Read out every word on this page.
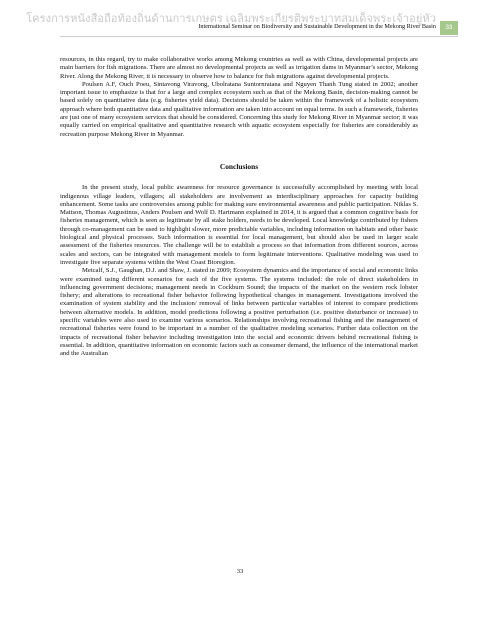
โครงการหนังสือถือท้องถิ่นด้านการเกษตร เฉลิมพระเกียรติพระบาทสมเด็จพระเจ้าอยู่หัว
International Seminar on Biodiversity and Sustainable Development in the Mekong River Basin	33

resources, in this regard, try to make collaborative works among Mekong countries as well as with China, developmental projects are main barriers for fish migrations. There are almost no developmental projects as well as irrigation dams in Myanmar’s sector, Mekong River. Along the Mekong River, it is necessary to observe how to balance for fish migrations against developmental projects.

Poulsen A.F, Ouch Poeu, Sintavong Viravong, Ubolratana Suntornratana and Nguyen Thanh Tung stated in 2002; another important issue to emphasize is that for a large and complex ecosystem such as that of the Mekong Basin, decision-making cannot be based solely on quantitative data (e.g. fisheries yield data). Decisions should be taken within the framework of a holistic ecosystem approach where both quantitative data and qualitative information are taken into account on equal terms. In such a framework, fisheries are just one of many ecosystem services that should be considered. Concerning this study for Mekong River in Myanmar sector; it was equally carried on empirical qualitative and quantitative research with aquatic ecosystem especially for fisheries are considerably as recreation purpose Mekong River in Myanmar.

Conclusions

In the present study, local public awareness for resource governance is successfully accomplished by meeting with local indigenous village leaders, villagers; all stakeholders are involvement as interdisciplinary approaches for capacity building enhancement. Some tasks are controversies among public for making sure environmental awareness and public participation. Niklas S. Mattson, Thomas Augustinus, Anders Poulsen and Wolf D. Hartmann explained in 2014, it is argued that a common cognitive basis for fisheries management, which is seen as legitimate by all stake holders, needs to be developed. Local knowledge contributed by fishers through co-management can be used to highlight slower, more predictable variables, including information on habitats and other basic biological and physical processes. Such information is essential for local management, but should also be used in larger scale assessment of the fisheries resources. The challenge will be to establish a process so that information from different sources, across scales and sectors, can be integrated with management models to form legitimate interventions. Qualitative modeling was used to investigate five separate systems within the West Coast Bioregion.

Metcalf, S.J., Gaughan, D.J. and Shaw, J. stated in 2009; Ecosystem dynamics and the importance of social and economic links were examined using different scenarios for each of the five systems. The systems included: the role of direct stakeholders in influencing government decisions; management needs in Cockburn Sound; the impacts of the market on the western rock lobster fishery; and alterations to recreational fisher behavior following hypothetical changes in management. Investigations involved the examination of system stability and the inclusion/ removal of links between particular variables of interest to compare predictions between alternative models. In addition, model predictions following a positive perturbation (i.e. positive disturbance or increase) to specific variables were also used to examine various scenarios. Relationships involving recreational fishing and the management of recreational fisheries were found to be important in a number of the qualitative modeling scenarios. Further data collection on the impacts of recreational fisher behavior including investigation into the social and economic drivers behind recreational fishing is essential. In addition, quantitative information on economic factors such as consumer demand, the influence of the international market and the Australian

33
